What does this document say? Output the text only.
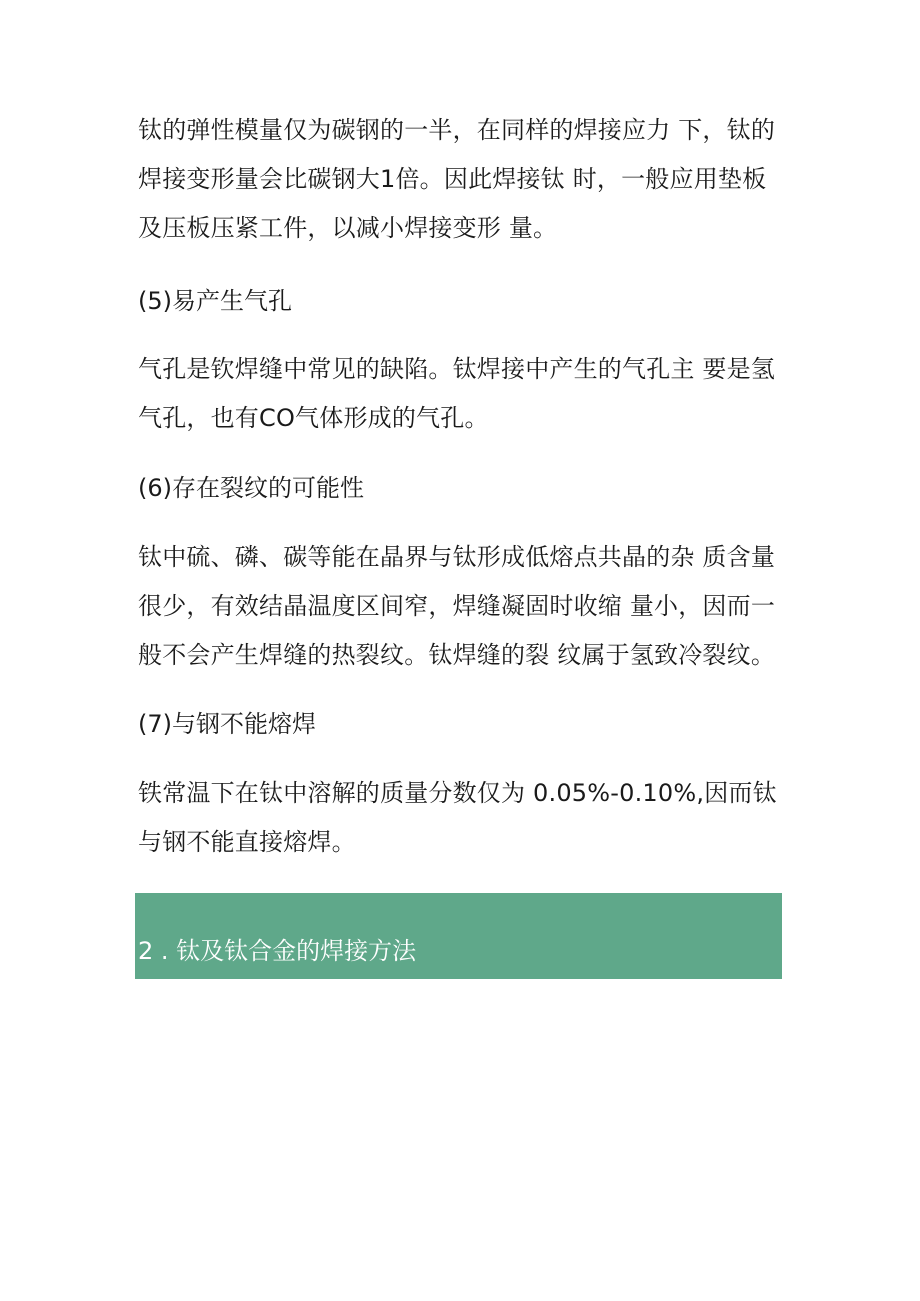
钛的弹性模量仅为碳钢的一半，在同样的焊接应力 下，钛的
焊接变形量会比碳钢大1倍。因此焊接钛 时，一般应用垫板
及压板压紧工件，以减小焊接变形 量。

(5)易产生气孔

气孔是钦焊缝中常见的缺陷。钛焊接中产生的气孔主 要是氢
气孔，也有CO气体形成的气孔。

(6)存在裂纹的可能性

钛中硫、磷、碳等能在晶界与钛形成低熔点共晶的杂 质含量
很少，有效结晶温度区间窄，焊缝凝固时收缩 量小，因而一
般不会产生焊缝的热裂纹。钛焊缝的裂 纹属于氢致冷裂纹。

(7)与钢不能熔焊

铁常温下在钛中溶解的质量分数仅为 0.05%-0.10%,因而钛
与钢不能直接熔焊。

2 . 钛及钛合金的焊接方法
